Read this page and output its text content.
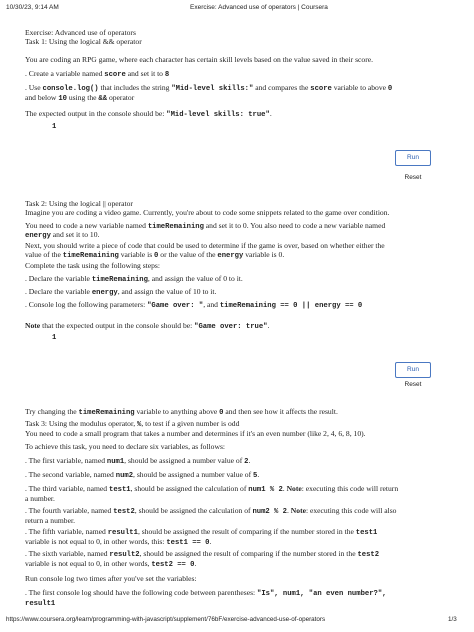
10/30/23, 9:14 AM	Exercise: Advanced use of operators | Coursera
Exercise: Advanced use of operators
Task 1: Using the logical && operator
You are coding an RPG game, where each character has certain skill levels based on the value saved in their score.
. Create a variable named score and set it to 8
. Use console.log() that includes the string "Mid-level skills:" and compares the score variable to above 0
and below 10 using the && operator
The expected output in the console should be: "Mid-level skills: true".
1
Run
Reset
Task 2: Using the logical || operator
Imagine you are coding a video game. Currently, you're about to code some snippets related to the game over condition.
You need to code a new variable named timeRemaining and set it to 0. You also need to code a new variable named
energy and set it to 10.
Next, you should write a piece of code that could be used to determine if the game is over, based on whether either the
value of the timeRemaining variable is 0 or the value of the energy variable is 0.
Complete the task using the following steps:
. Declare the variable timeRemaining, and assign the value of 0 to it.
. Declare the variable energy, and assign the value of 10 to it.
. Console log the following parameters: "Game over: ", and timeRemaining == 0 || energy == 0
Note that the expected output in the console should be: "Game over: true".
1
Run
Reset
Try changing the timeRemaining variable to anything above 0 and then see how it affects the result.
Task 3: Using the modulus operator, %, to test if a given number is odd
You need to code a small program that takes a number and determines if it's an even number (like 2, 4, 6, 8, 10).
To achieve this task, you need to declare six variables, as follows:
. The first variable, named num1, should be assigned a number value of 2.
. The second variable, named num2, should be assigned a number value of 5.
. The third variable, named test1, should be assigned the calculation of num1 % 2. Note: executing this code will return
a number.
. The fourth variable, named test2, should be assigned the calculation of num2 % 2. Note: executing this code will also
return a number.
. The fifth variable, named result1, should be assigned the result of comparing if the number stored in the test1
variable is not equal to 0, in other words, this: test1 == 0.
. The sixth variable, named result2, should be assigned the result of comparing if the number stored in the test2
variable is not equal to 0, in other words, test2 == 0.
Run console log two times after you've set the variables:
. The first console log should have the following code between parentheses: "Is", num1, "an even number?",
result1
https://www.coursera.org/learn/programming-with-javascript/supplement/76bF/exercise-advanced-use-of-operators	1/3
